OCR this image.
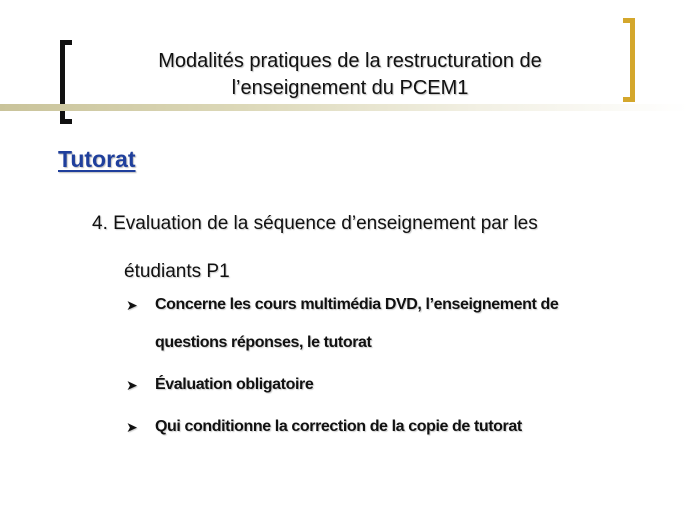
Modalités pratiques de la restructuration de
l’enseignement du PCEM1
Tutorat
4. Evaluation de la séquence d’enseignement par les
étudiants P1
➤ Concerne les cours multimédia DVD, l’enseignement de
questions réponses, le tutorat
➤ Évaluation obligatoire
➤ Qui conditionne la correction de la copie de tutorat
